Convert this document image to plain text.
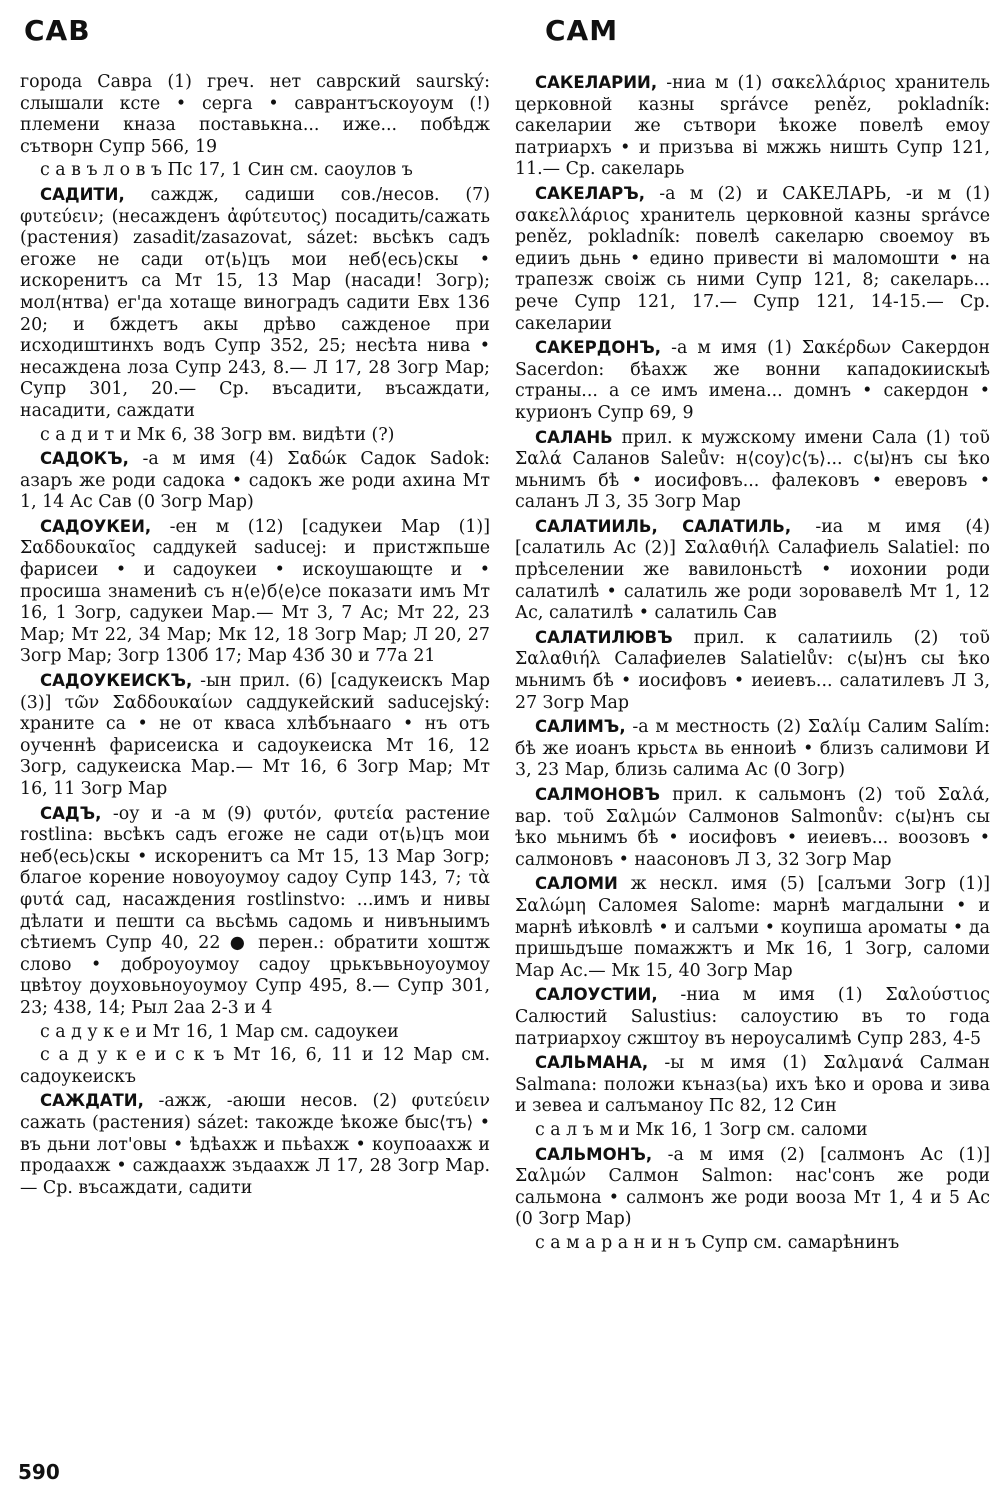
САВ	САМ

города Савра (1) греч. нет саврский saurský: слышали ксте • серга • саврантъскоуоум (!) племени кназа поставькна... иже... побѣдж сътворн Супр 566, 19

с а в ъ л о в ъ Пс 17, 1 Син см. саоулов ъ

САДИТИ, саждж, садиши сов./несов. (7) φυτεύειν; (несажденъ ἀφύτευτος) посадить/сажать (растения) zasadit/zasazovat, sázet: вьсѣкъ садъ егоже не сади от⟨ь⟩цъ мои неб⟨есь⟩скы • искоренитъ са Мт 15, 13 Мар (насади! Зогр); мол⟨нтва⟩ ег'да хотаще виноградъ садити Евх 136 20; и бждетъ акы дрѣво сажденое при исходиштинхъ водъ Супр 352, 25; несѣта нива • несаждена лоза Супр 243, 8.— Л 17, 28 Зогр Мар; Супр 301, 20.— Ср. въсадити, въсаждати, насадити, саждати

с а д и т и Мк 6, 38 Зогр вм. видѣти (?)

САДОКЪ, -а м имя (4) Σαδώκ Садок Sadok: азаръ же роди садока • садокъ же роди ахина Мт 1, 14 Ас Сав (0 Зогр Мар)

САДОУКЕИ, -ен м (12) [садукеи Мар (1)] Σαδδουκαῖος саддукей saducej: и пристжпьше фарисеи • и садоукеи • искоушающте и • просиша знамениѣ съ н⟨е⟩б⟨е⟩се показати имъ Мт 16, 1 Зогр, садукеи Мар.— Мт 3, 7 Ас; Мт 22, 23 Мар; Мт 22, 34 Мар; Мк 12, 18 Зогр Мар; Л 20, 27 Зогр Мар; Зогр 130б 17; Мар 43б 30 и 77а 21

САДОУКЕИСКЪ, -ын прил. (6) [садукеискъ Мар (3)] τῶν Σαδδουκαίων саддукейский saducejský: храните са • не от кваса хлѣбънааго • нъ отъ оученнѣ фарисеиска и садоукеиска Мт 16, 12 Зогр, садукеиска Мар.— Мт 16, 6 Зогр Мар; Мт 16, 11 Зогр Мар

САДЪ, -оу и -а м (9) φυτόν, φυτεία растение rostlina: вьсѣкъ садъ егоже не сади от⟨ь⟩цъ мои неб⟨есь⟩скы • искоренитъ са Мт 15, 13 Мар Зогр; благое корение новоуоумоу садоу Супр 143, 7; τὰ φυτά сад, насаждения rostlinstvo: ...имъ и нивы дѣлати и пешти са вьсѣмь садомь и нивъныимъ сѣтиемъ Супр 40, 22 ● перен.: обратити хоштж слово • доброуоумоу садоу црькъвьноуоумоу цвѣтоу доуховьноуоумоу Супр 495, 8.— Супр 301, 23; 438, 14; Рыл 2аа 2-3 и 4

с а д у к е и Мт 16, 1 Мар см. садоукеи

с а д у к е и с к ъ Мт 16, 6, 11 и 12 Мар см. садоукеискъ

САЖДАТИ, -ажж, -аюши несов. (2) φυτεύειν сажать (растения) sázet: такожде ѣкоже быс⟨тъ⟩ • въ дьни лот'овы • ѣдѣахж и пьѣахж • коупоаахж и продаахж • саждаахж зъдаахж Л 17, 28 Зогр Мар.— Ср. въсаждати, садити

САКЕЛАРИИ, -ниа м (1) σακελλάριος хранитель церковной казны správce peněz, pokladník: сакеларии же сътвори ѣкоже повелѣ емоу патриархъ • и призъва ві мжжь ништь Супр 121, 11.— Ср. сакеларь

САКЕЛАРЪ, -а м (2) и САКЕЛАРЬ, -и м (1) σακελλάριος хранитель церковной казны správce peněz, pokladník: повелѣ сакеларю своемоу въ едииъ дьнь • едино привести ві маломошти • на трапезж своіж сь ними Супр 121, 8; сакеларь... рече Супр 121, 17.— Супр 121, 14-15.— Ср. сакеларии

САКЕРДОНЪ, -а м имя (1) Σακέρδων Сакердон Sacerdon: бѣахж же вонни кападокиискыѣ страны... а се имъ имена... домнъ • сакердон • курионъ Супр 69, 9

САЛАНЬ прил. к мужскому имени Сала (1) τοῦ Σαλά Саланов Saleův: н⟨соу⟩с⟨ъ⟩... с⟨ы⟩нъ сы ѣко мьнимъ бѣ • иосифовъ... фалековъ • еверовъ • саланъ Л 3, 35 Зогр Мар

САЛАТИИЛЬ, САЛАТИЛЬ, -иа м имя (4) [салатиль Ас (2)] Σαλαθιήλ Салафиель Salatiel: по прѣселении же вавилоньстѣ • иохонии роди салатилѣ • салатиль же роди зоровавелѣ Мт 1, 12 Ас, салатилѣ • салатиль Сав

САЛАТИЛЮВЪ прил. к салатииль (2) τοῦ Σαλαθιήλ Салафиелев Salatielův: с⟨ы⟩нъ сы ѣко мьнимъ бѣ • иосифовъ • иеиевъ... салатилевъ Л 3, 27 Зогр Мар

САЛИМЪ, -а м местность (2) Σαλίμ Салим Salím: бѣ же иоанъ крьстѧ вь енноиѣ • близъ салимови И 3, 23 Мар, близь салима Ас (0 Зогр)

САЛМОНОВЪ прил. к сальмонъ (2) τοῦ Σαλά, вар. τοῦ Σαλμών Салмонов Salmonův: с⟨ы⟩нъ сы ѣко мьнимъ бѣ • иосифовъ • иеиевъ... воозовъ • салмоновъ • наасоновъ Л 3, 32 Зогр Мар

САЛОМИ ж нескл. имя (5) [салъми Зогр (1)] Σαλώμη Саломея Salome: марнѣ магдалыни • и марнѣ иѣковлѣ • и салъми • коупиша ароматы • да пришьдъше помажжтъ и Мк 16, 1 Зогр, саломи Мар Ас.— Мк 15, 40 Зогр Мар

САЛОУСТИИ, -ниа м имя (1) Σαλούστιος Салюстий Salustius: салоустию въ то года патриархоу сжштоу въ нероусалимѣ Супр 283, 4-5

САЛЬМАНА, -ы м имя (1) Σαλμανά Салман Salmana: положи къназ(ьа) ихъ ѣко и орова и зива и зевеа и салъманоу Пс 82, 12 Син

с а л ъ м и Мк 16, 1 Зогр см. саломи

САЛЬМОНЪ, -а м имя (2) [салмонъ Ас (1)] Σαλμών Салмон Salmon: нас'сонъ же роди сальмона • салмонъ же роди вооза Мт 1, 4 и 5 Ас (0 Зогр Мар)

с а м а р а н и н ъ Супр см. самарѣнинъ

590
